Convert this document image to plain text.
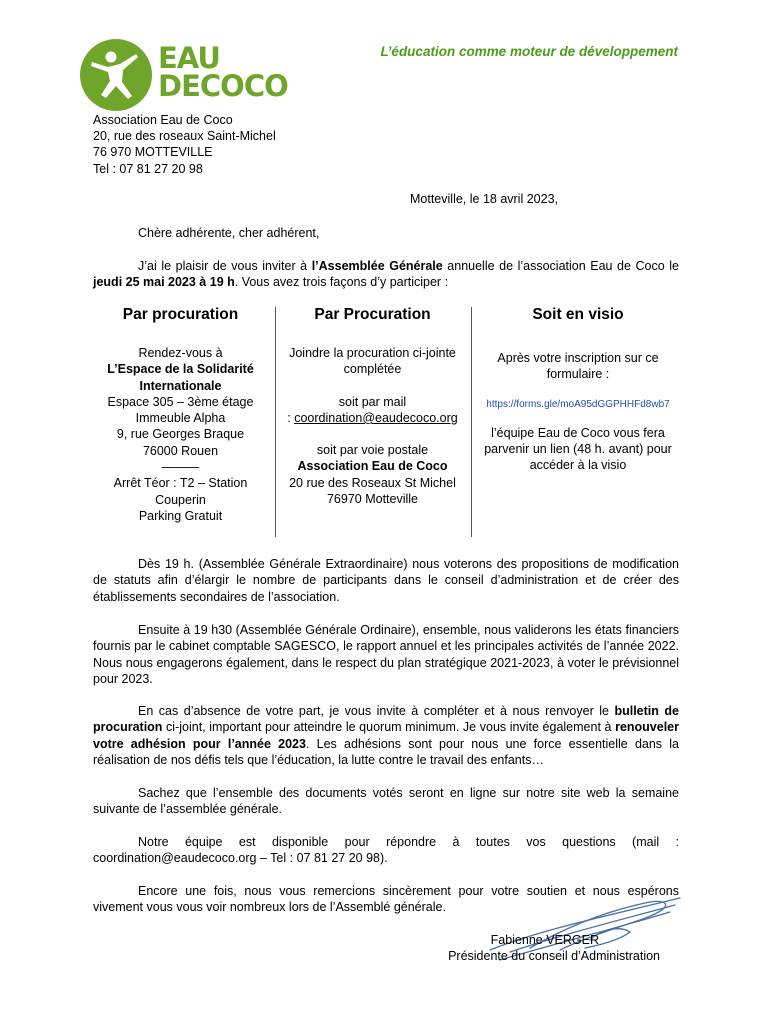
EAU
DECOCO
L’éducation comme moteur de développement
Association Eau de Coco
20, rue des roseaux Saint-Michel
76 970 MOTTEVILLE
Tel : 07 81 27 20 98
Motteville, le 18 avril 2023,
Chère adhérente, cher adhérent,
J’ai le plaisir de vous inviter à l’Assemblée Générale annuelle de l’association Eau de Coco le jeudi 25 mai 2023 à 19 h. Vous avez trois façons d’y participer :
Par procuration
Rendez-vous à
L’Espace de la Solidarité
Internationale
Espace 305 – 3ème étage
Immeuble Alpha
9, rue Georges Braque
76000 Rouen
———
Arrêt Téor : T2 – Station
Couperin
Parking Gratuit
Par Procuration
Joindre la procuration ci-jointe
complétée
soit par mail
: coordination@eaudecoco.org
soit par voie postale
Association Eau de Coco
20 rue des Roseaux St Michel
76970 Motteville
Soit en visio
Après votre inscription sur ce
formulaire :
https://forms.gle/moA95dGGPHHFd8wb7
l’équipe Eau de Coco vous fera
parvenir un lien (48 h. avant) pour
accéder à la visio
Dès 19 h. (Assemblée Générale Extraordinaire) nous voterons des propositions de modification de statuts afin d’élargir le nombre de participants dans le conseil d’administration et de créer des établissements secondaires de l’association.
Ensuite à 19 h30 (Assemblée Générale Ordinaire), ensemble, nous validerons les états financiers fournis par le cabinet comptable SAGESCO, le rapport annuel et les principales activités de l’année 2022. Nous nous engagerons également, dans le respect du plan stratégique 2021-2023, à voter le prévisionnel pour 2023.
En cas d’absence de votre part, je vous invite à compléter et à nous renvoyer le bulletin de procuration ci-joint, important pour atteindre le quorum minimum. Je vous invite également à renouveler votre adhésion pour l’année 2023. Les adhésions sont pour nous une force essentielle dans la réalisation de nos défis tels que l’éducation, la lutte contre le travail des enfants…
Sachez que l’ensemble des documents votés seront en ligne sur notre site web la semaine suivante de l’assemblée générale.
Notre équipe est disponible pour répondre à toutes vos questions (mail : coordination@eaudecoco.org – Tel : 07 81 27 20 98).
Encore une fois, nous vous remercions sincèrement pour votre soutien et nous espérons vivement vous vous voir nombreux lors de l’Assemblé générale.
Fabienne VERGER
Présidente du conseil d’Administration
